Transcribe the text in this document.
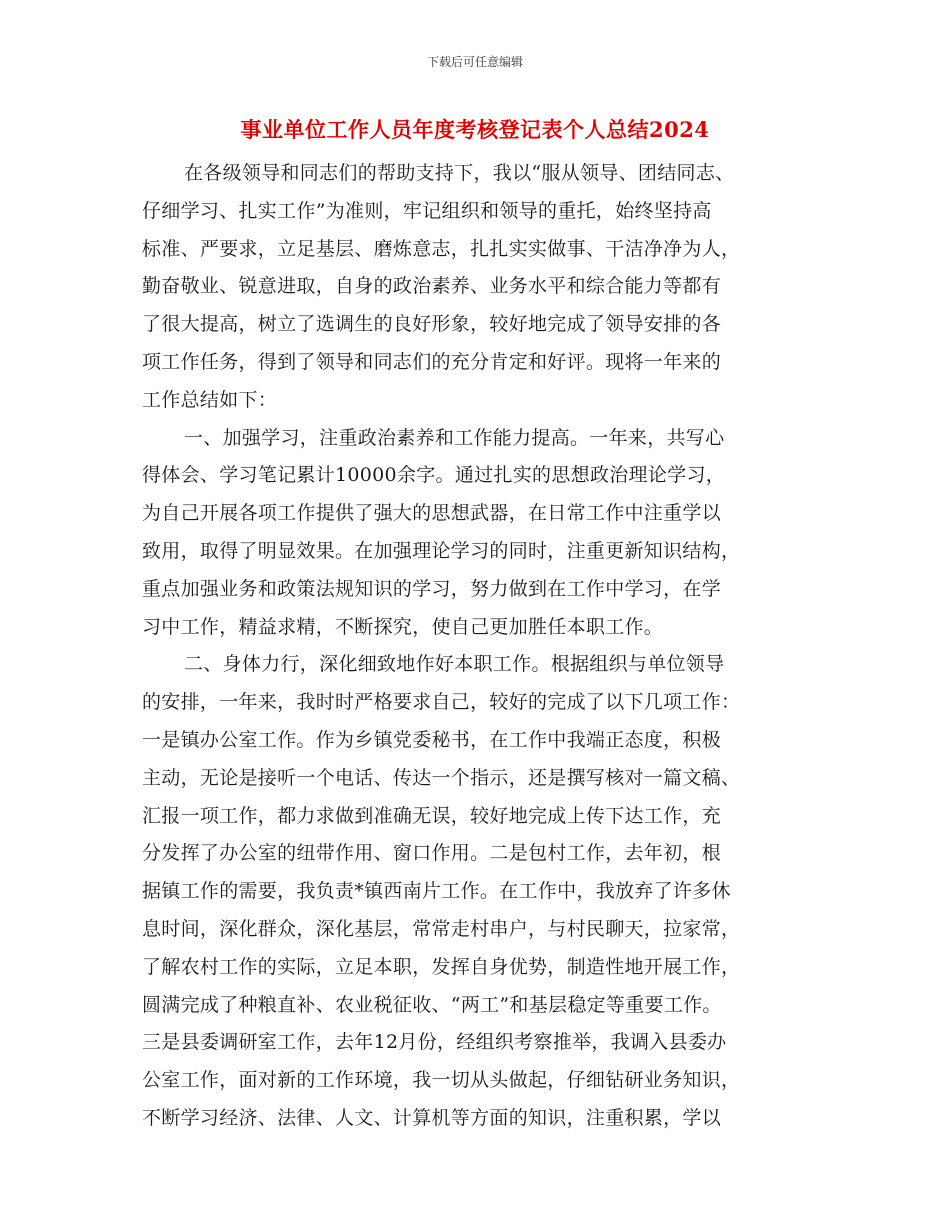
下载后可任意编辑
事业单位工作人员年度考核登记表个人总结2024
在各级领导和同志们的帮助支持下，我以“服从领导、团结同志、
仔细学习、扎实工作”为准则，牢记组织和领导的重托，始终坚持高
标准、严要求，立足基层、磨炼意志，扎扎实实做事、干洁净净为人，
勤奋敬业、锐意进取，自身的政治素养、业务水平和综合能力等都有
了很大提高，树立了选调生的良好形象，较好地完成了领导安排的各
项工作任务，得到了领导和同志们的充分肯定和好评。现将一年来的
工作总结如下：
一、加强学习，注重政治素养和工作能力提高。一年来，共写心
得体会、学习笔记累计10000余字。通过扎实的思想政治理论学习，
为自己开展各项工作提供了强大的思想武器，在日常工作中注重学以
致用，取得了明显效果。在加强理论学习的同时，注重更新知识结构，
重点加强业务和政策法规知识的学习，努力做到在工作中学习，在学
习中工作，精益求精，不断探究，使自己更加胜任本职工作。
二、身体力行，深化细致地作好本职工作。根据组织与单位领导
的安排，一年来，我时时严格要求自己，较好的完成了以下几项工作：
一是镇办公室工作。作为乡镇党委秘书，在工作中我端正态度，积极
主动，无论是接听一个电话、传达一个指示，还是撰写核对一篇文稿、
汇报一项工作，都力求做到准确无误，较好地完成上传下达工作，充
分发挥了办公室的纽带作用、窗口作用。二是包村工作，去年初，根
据镇工作的需要，我负责*镇西南片工作。在工作中，我放弃了许多休
息时间，深化群众，深化基层，常常走村串户，与村民聊天，拉家常，
了解农村工作的实际，立足本职，发挥自身优势，制造性地开展工作，
圆满完成了种粮直补、农业税征收、“两工”和基层稳定等重要工作。
三是县委调研室工作，去年12月份，经组织考察推举，我调入县委办
公室工作，面对新的工作环境，我一切从头做起，仔细钻研业务知识，
不断学习经济、法律、人文、计算机等方面的知识，注重积累，学以
